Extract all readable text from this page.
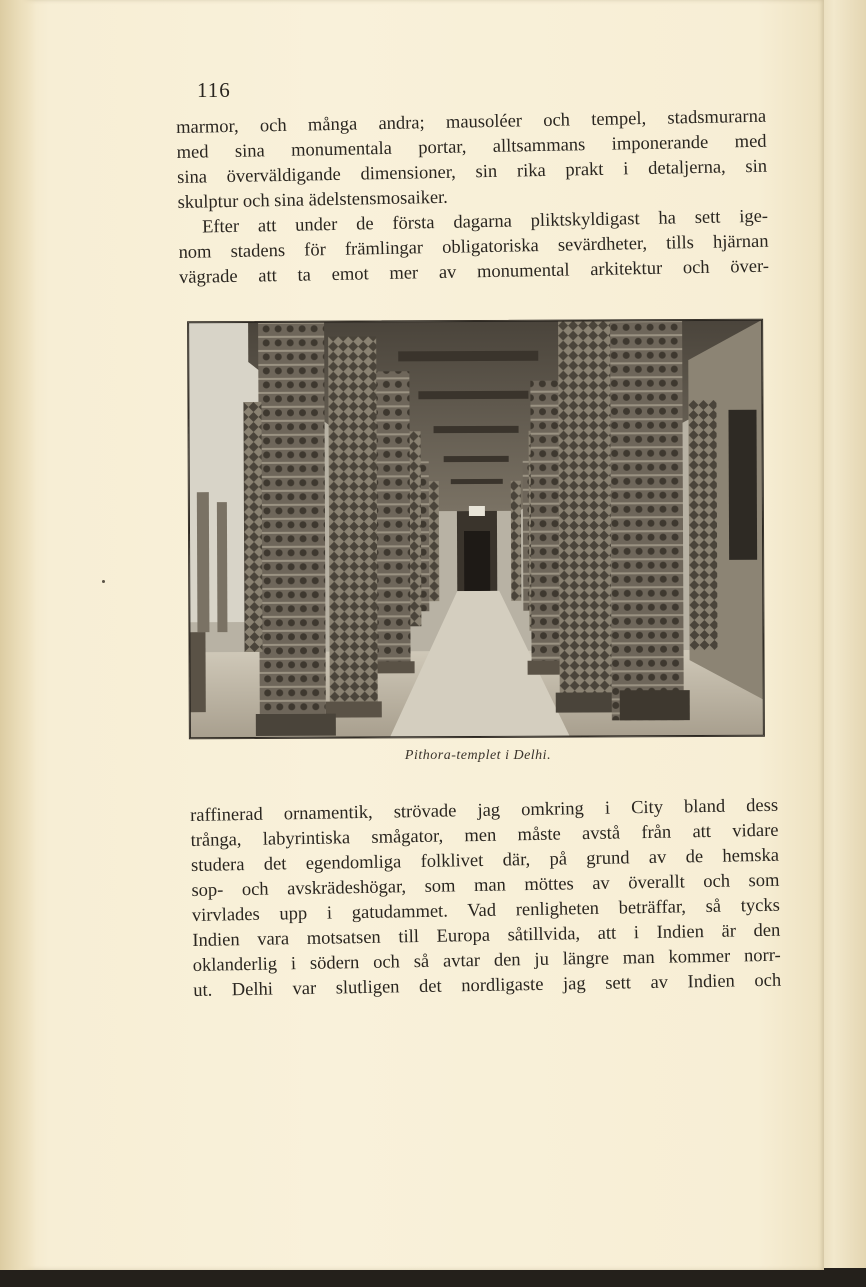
116
marmor, och många andra; mausoléer och tempel, stadsmurarna
med sina monumentala portar, alltsammans imponerande med
sina överväldigande dimensioner, sin rika prakt i detaljerna, sin
skulptur och sina ädelstensmosaiker.
Efter att under de första dagarna pliktskyldigast ha sett ige-
nom stadens för främlingar obligatoriska sevärdheter, tills hjärnan
vägrade att ta emot mer av monumental arkitektur och över-
Pithora-templet i Delhi.
raffinerad ornamentik, strövade jag omkring i City bland dess
trånga, labyrintiska smågator, men måste avstå från att vidare
studera det egendomliga folklivet där, på grund av de hemska
sop- och avskrädeshögar, som man möttes av överallt och som
virvlades upp i gatudammet. Vad renligheten beträffar, så tycks
Indien vara motsatsen till Europa såtillvida, att i Indien är den
oklanderlig i södern och så avtar den ju längre man kommer norr-
ut. Delhi var slutligen det nordligaste jag sett av Indien och
